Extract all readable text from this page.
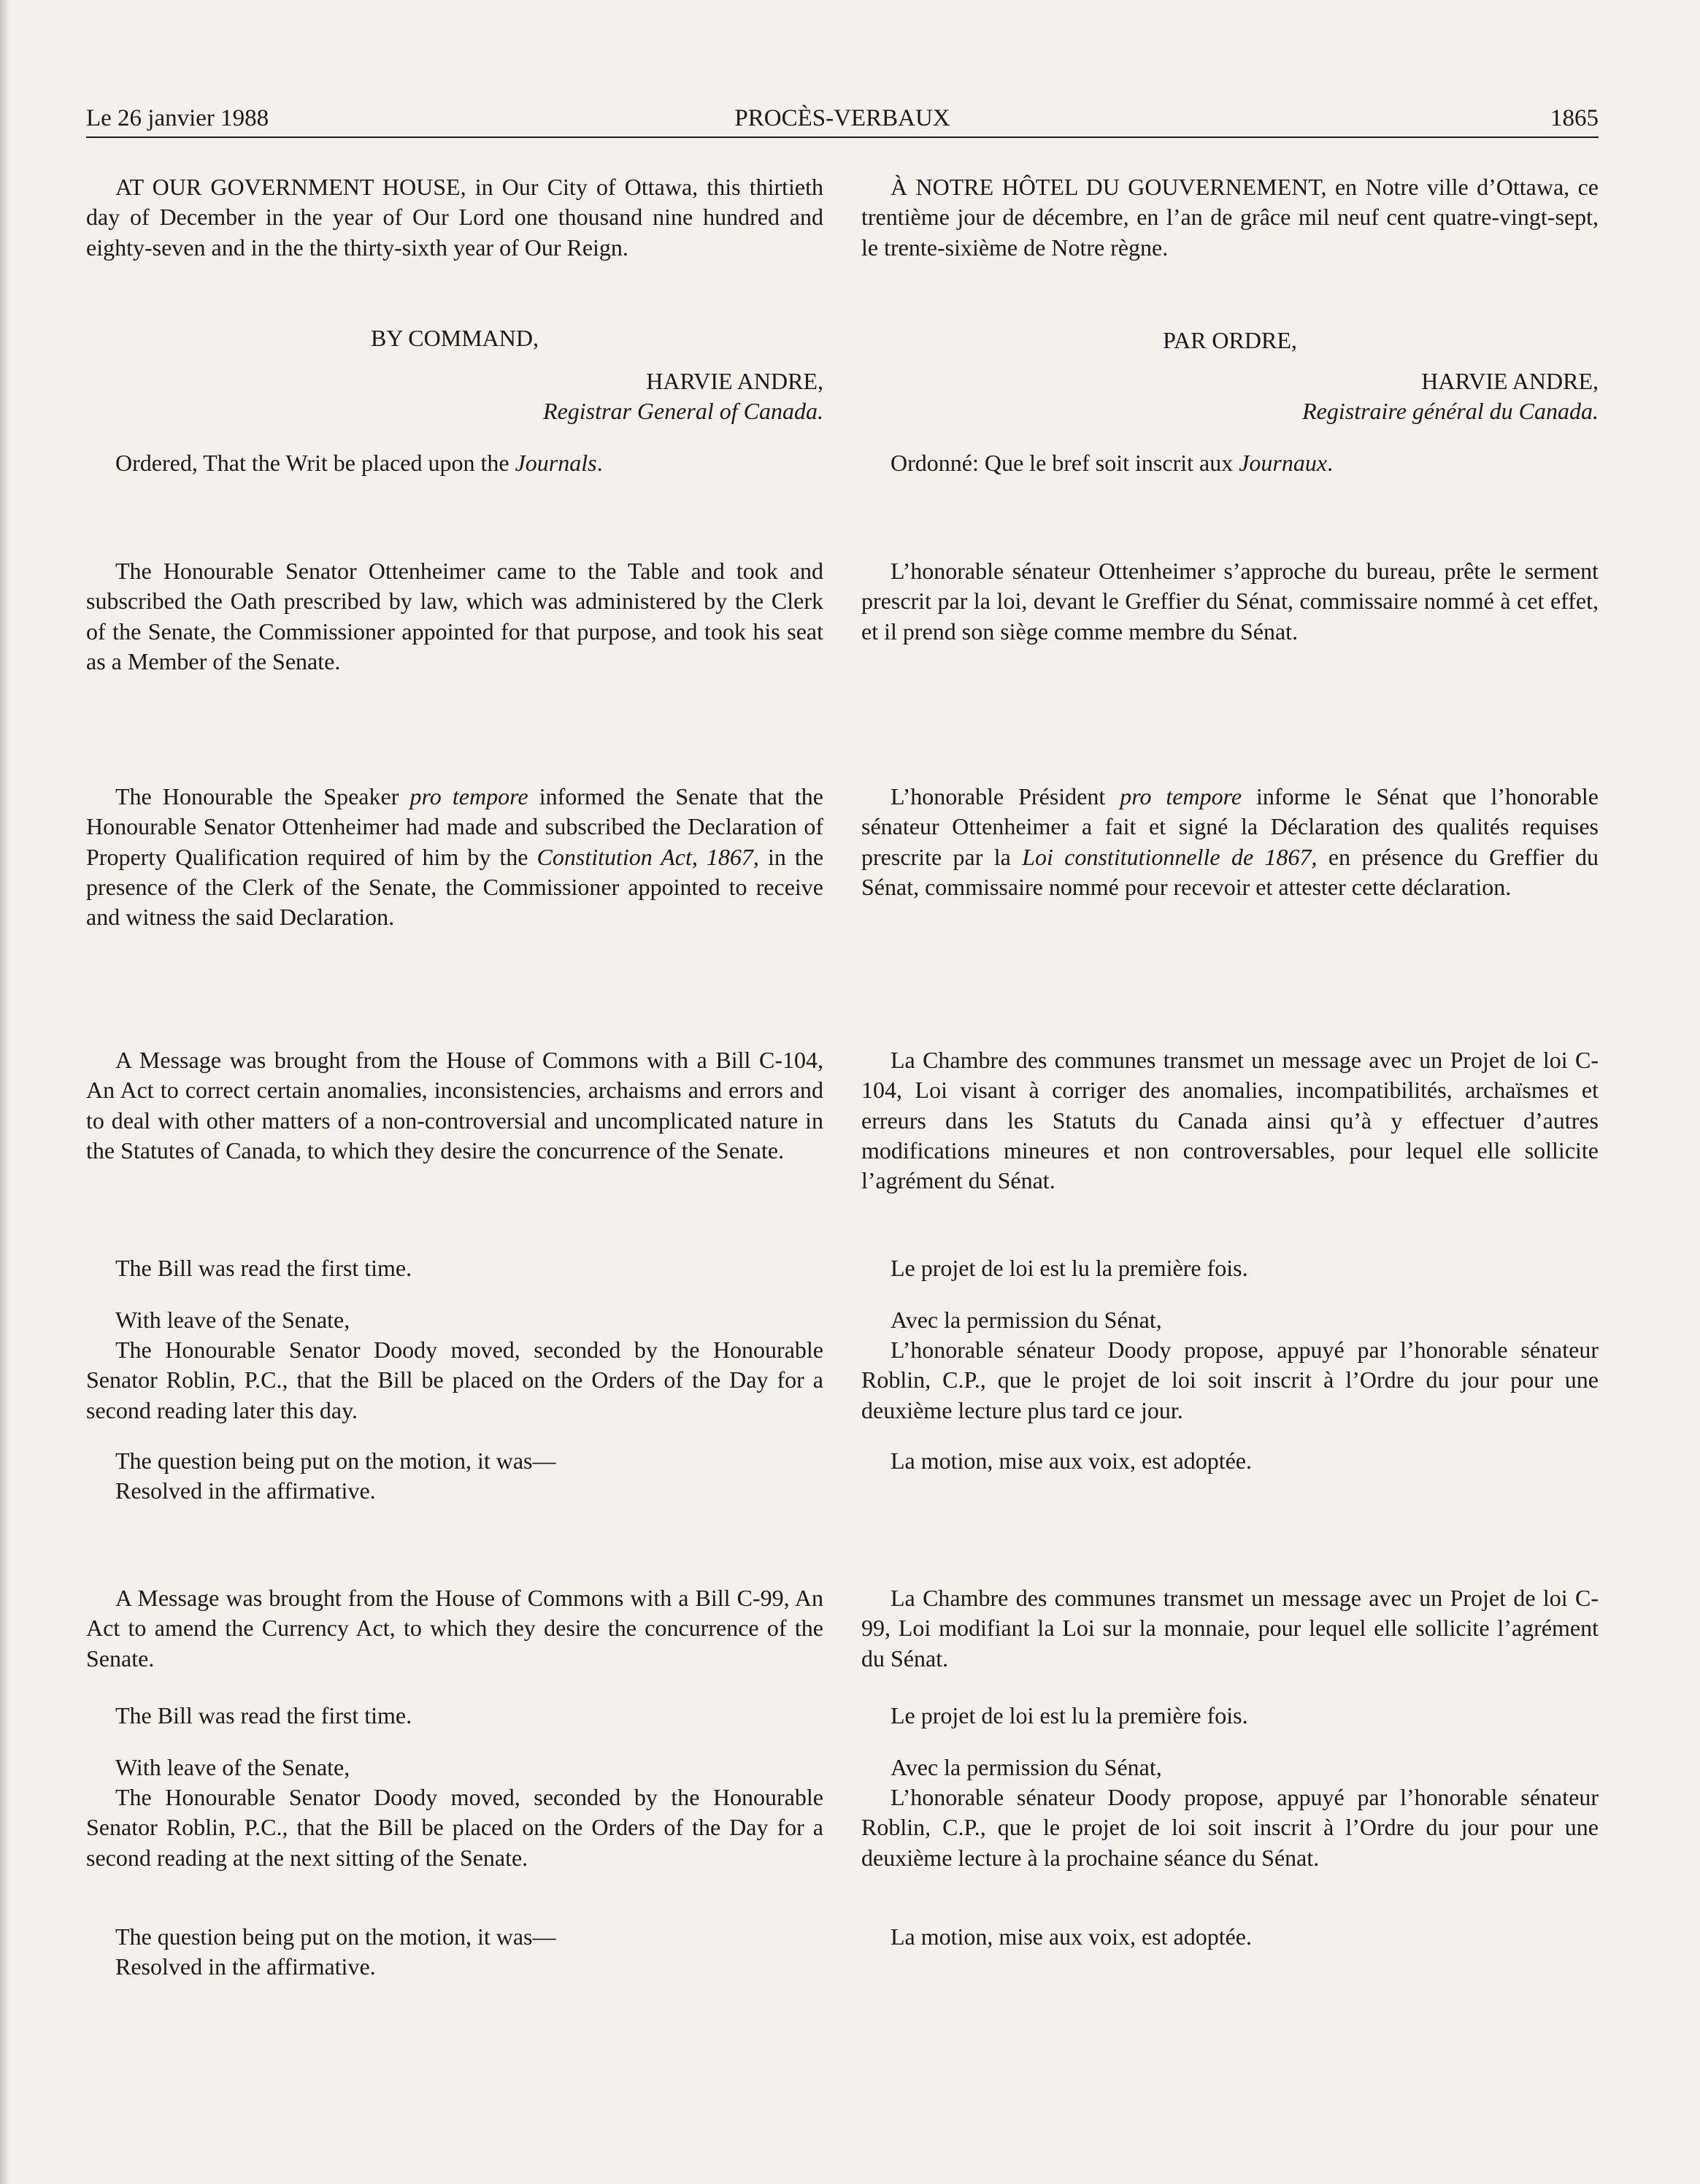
Le 26 janvier 1988	PROCÈS-VERBAUX	1865

AT OUR GOVERNMENT HOUSE, in Our City of Ottawa, this thirtieth day of December in the year of Our Lord one thousand nine hundred and eighty-seven and in the the thirty-sixth year of Our Reign.

BY COMMAND,

HARVIE ANDRE,

Registrar General of Canada.

Ordered, That the Writ be placed upon the Journals.

The Honourable Senator Ottenheimer came to the Table and took and subscribed the Oath prescribed by law, which was administered by the Clerk of the Senate, the Commissioner appointed for that purpose, and took his seat as a Member of the Senate.

The Honourable the Speaker pro tempore informed the Senate that the Honourable Senator Ottenheimer had made and subscribed the Declaration of Property Qualification required of him by the Constitution Act, 1867, in the presence of the Clerk of the Senate, the Commissioner appointed to receive and witness the said Declaration.

A Message was brought from the House of Commons with a Bill C-104, An Act to correct certain anomalies, inconsistencies, archaisms and errors and to deal with other matters of a non-controversial and uncomplicated nature in the Statutes of Canada, to which they desire the concurrence of the Senate.

The Bill was read the first time.

With leave of the Senate,

The Honourable Senator Doody moved, seconded by the Honourable Senator Roblin, P.C., that the Bill be placed on the Orders of the Day for a second reading later this day.

The question being put on the motion, it was—

Resolved in the affirmative.

A Message was brought from the House of Commons with a Bill C-99, An Act to amend the Currency Act, to which they desire the concurrence of the Senate.

The Bill was read the first time.

With leave of the Senate,

The Honourable Senator Doody moved, seconded by the Honourable Senator Roblin, P.C., that the Bill be placed on the Orders of the Day for a second reading at the next sitting of the Senate.

The question being put on the motion, it was—

Resolved in the affirmative.

À NOTRE HÔTEL DU GOUVERNEMENT, en Notre ville d’Ottawa, ce trentième jour de décembre, en l’an de grâce mil neuf cent quatre-vingt-sept, le trente-sixième de Notre règne.

PAR ORDRE,

HARVIE ANDRE,

Registraire général du Canada.

Ordonné: Que le bref soit inscrit aux Journaux.

L’honorable sénateur Ottenheimer s’approche du bureau, prête le serment prescrit par la loi, devant le Greffier du Sénat, commissaire nommé à cet effet, et il prend son siège comme membre du Sénat.

L’honorable Président pro tempore informe le Sénat que l’honorable sénateur Ottenheimer a fait et signé la Déclaration des qualités requises prescrite par la Loi constitutionnelle de 1867, en présence du Greffier du Sénat, commissaire nommé pour recevoir et attester cette déclaration.

La Chambre des communes transmet un message avec un Projet de loi C-104, Loi visant à corriger des anomalies, incompatibilités, archaïsmes et erreurs dans les Statuts du Canada ainsi qu’à y effectuer d’autres modifications mineures et non controversables, pour lequel elle sollicite l’agrément du Sénat.

Le projet de loi est lu la première fois.

Avec la permission du Sénat,

L’honorable sénateur Doody propose, appuyé par l’honorable sénateur Roblin, C.P., que le projet de loi soit inscrit à l’Ordre du jour pour une deuxième lecture plus tard ce jour.

La motion, mise aux voix, est adoptée.

La Chambre des communes transmet un message avec un Projet de loi C-99, Loi modifiant la Loi sur la monnaie, pour lequel elle sollicite l’agrément du Sénat.

Le projet de loi est lu la première fois.

Avec la permission du Sénat,

L’honorable sénateur Doody propose, appuyé par l’honorable sénateur Roblin, C.P., que le projet de loi soit inscrit à l’Ordre du jour pour une deuxième lecture à la prochaine séance du Sénat.

La motion, mise aux voix, est adoptée.
